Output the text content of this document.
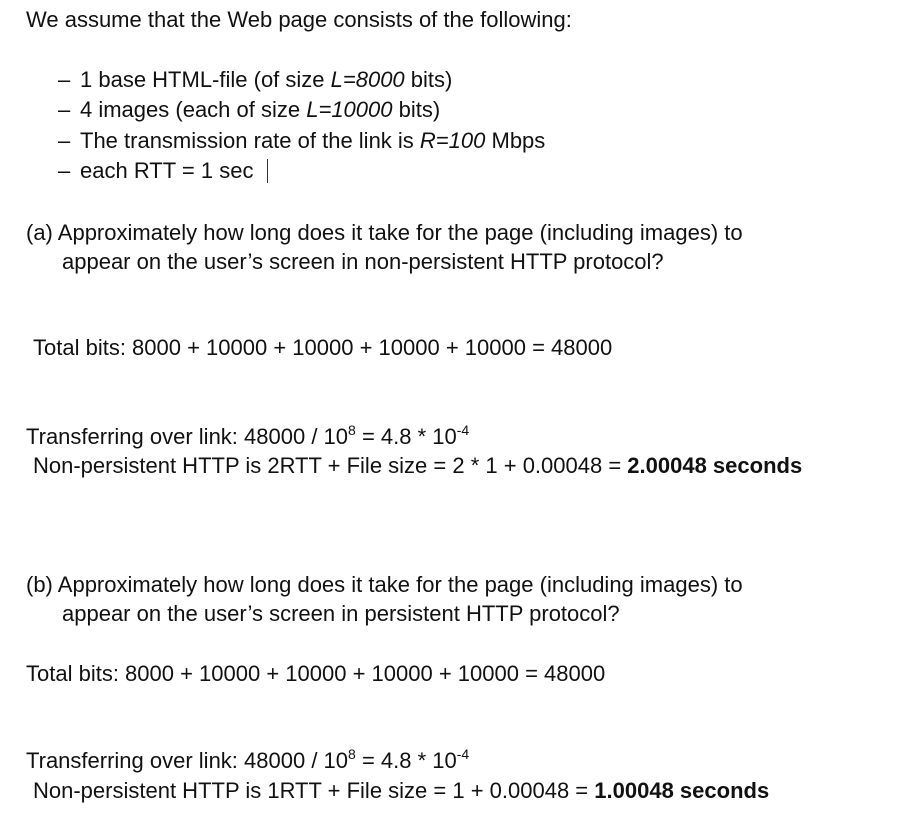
We assume that the Web page consists of the following:
– 1 base HTML-file (of size L=8000 bits)
– 4 images (each of size L=10000 bits)
– The transmission rate of the link is R=100 Mbps
– each RTT = 1 sec
(a) Approximately how long does it take for the page (including images) to
appear on the user’s screen in non-persistent HTTP protocol?
Total bits: 8000 + 10000 + 10000 + 10000 + 10000 = 48000
Transferring over link: $48000 / 10^8 = 4.8 * 10^{-4}$
Non-persistent HTTP is 2RTT + File size = 2 * 1 + 0.00048 = 2.00048 seconds
(b) Approximately how long does it take for the page (including images) to
appear on the user’s screen in persistent HTTP protocol?
Total bits: 8000 + 10000 + 10000 + 10000 + 10000 = 48000
Transferring over link: $48000 / 10^8 = 4.8 * 10^{-4}$
Non-persistent HTTP is 1RTT + File size = 1 + 0.00048 = 1.00048 seconds
